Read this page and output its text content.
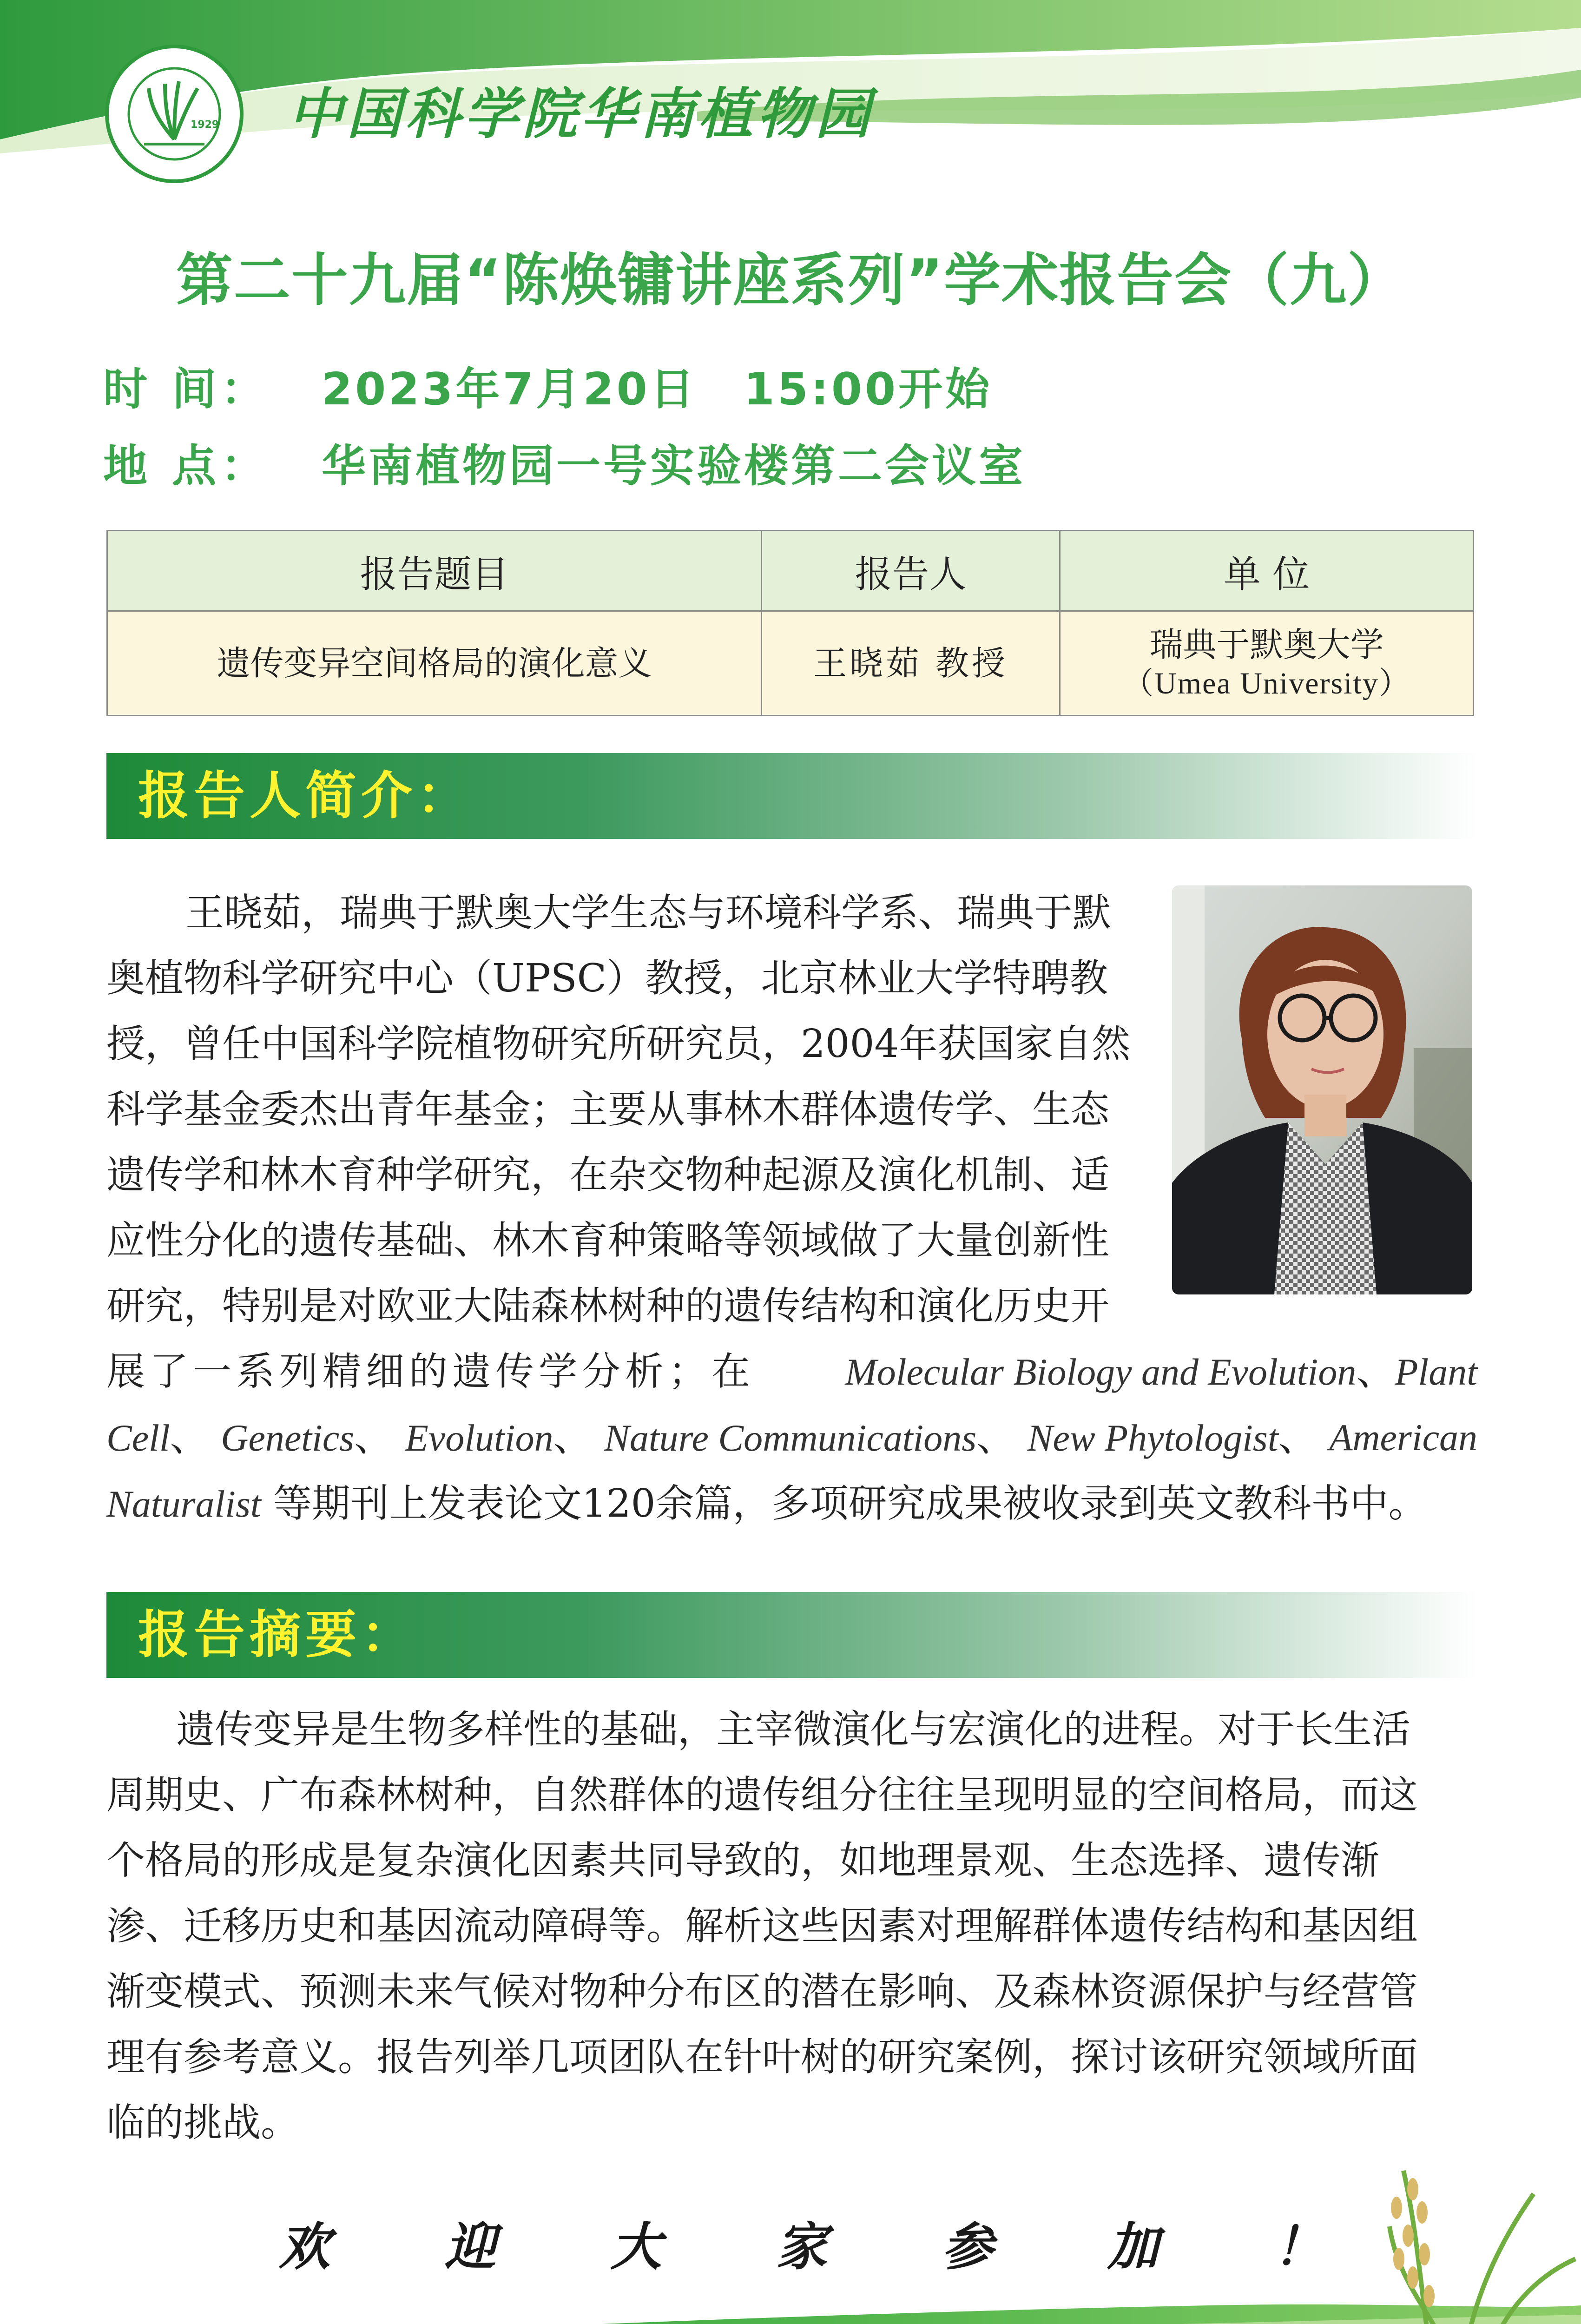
1929 中国科学院华南植物园
第二十九届“陈焕镛讲座系列”学术报告会（九）
时 间：	2023年7月20日　15:00开始
地 点：	华南植物园一号实验楼第二会议室
报告题目	报告人	单 位
遗传变异空间格局的演化意义	王晓茹 教授	瑞典于默奥大学
（Umea University）
报告人简介：
王晓茹，瑞典于默奥大学生态与环境科学系、瑞典于默
奥植物科学研究中心（UPSC）教授，北京林业大学特聘教
授，曾任中国科学院植物研究所研究员，2004年获国家自然
科学基金委杰出青年基金；主要从事林木群体遗传学、生态
遗传学和林木育种学研究，在杂交物种起源及演化机制、适
应性分化的遗传基础、林木育种策略等领域做了大量创新性
研究，特别是对欧亚大陆森林树种的遗传结构和演化历史开
展了一系列精细的遗传学分析；在 Molecular Biology and Evolution、Plant
Cell、 Genetics、 Evolution、 Nature Communications、 New Phytologist、 American
Naturalist 等期刊上发表论文120余篇，多项研究成果被收录到英文教科书中。
报告摘要：
遗传变异是生物多样性的基础，主宰微演化与宏演化的进程。对于长生活
周期史、广布森林树种，自然群体的遗传组分往往呈现明显的空间格局，而这
个格局的形成是复杂演化因素共同导致的，如地理景观、生态选择、遗传渐
渗、迁移历史和基因流动障碍等。解析这些因素对理解群体遗传结构和基因组
渐变模式、预测未来气候对物种分布区的潜在影响、及森林资源保护与经营管
理有参考意义。报告列举几项团队在针叶树的研究案例，探讨该研究领域所面
临的挑战。
欢 迎 大 家 参 加 ！
